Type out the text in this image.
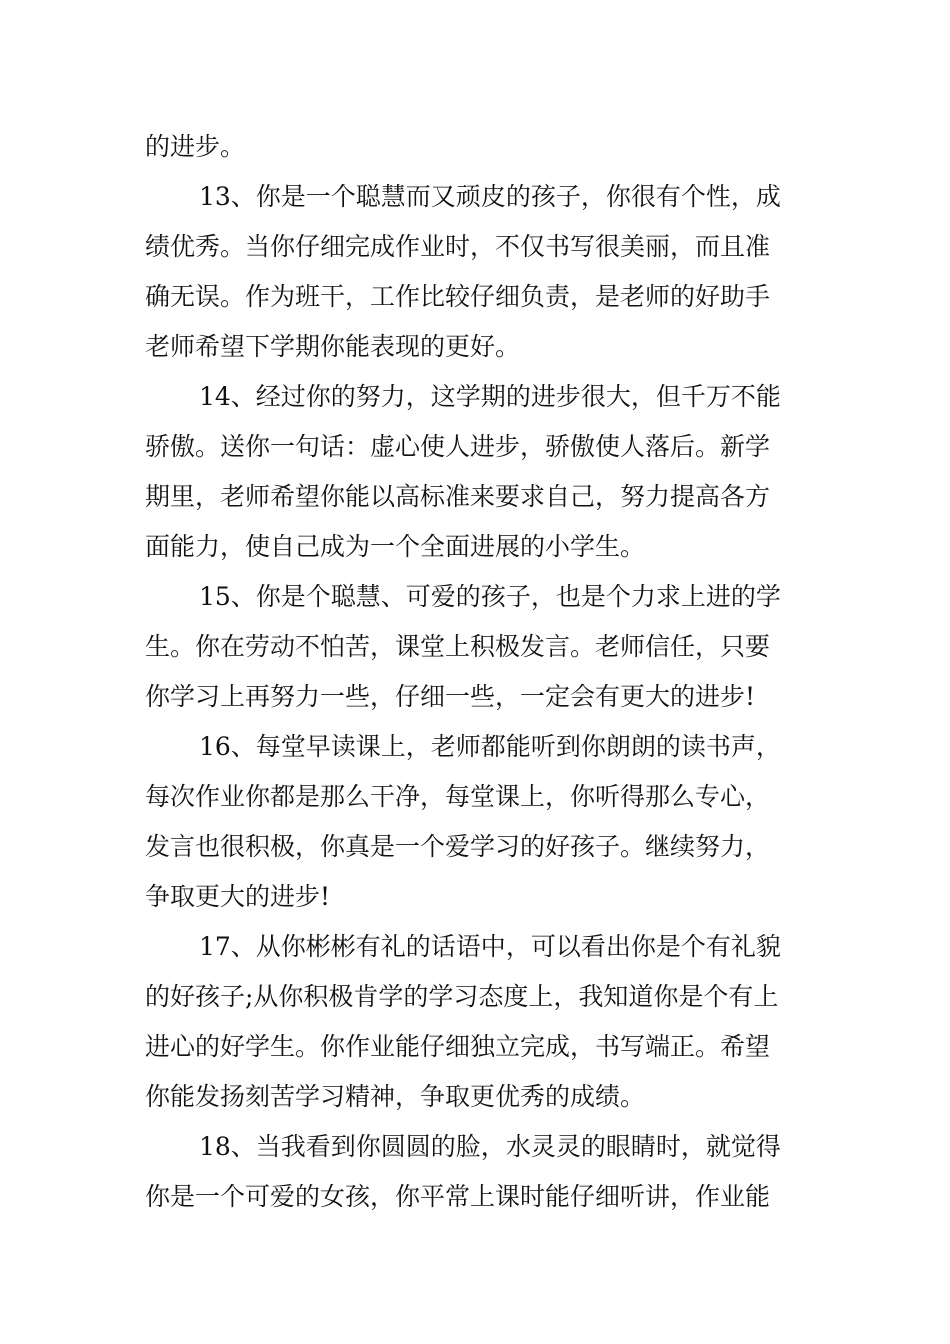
的进步。
13、你是一个聪慧而又顽皮的孩子，你很有个性，成
绩优秀。当你仔细完成作业时，不仅书写很美丽，而且准
确无误。作为班干，工作比较仔细负责，是老师的好助手
老师希望下学期你能表现的更好。
14、经过你的努力，这学期的进步很大，但千万不能
骄傲。送你一句话：虚心使人进步，骄傲使人落后。新学
期里，老师希望你能以高标准来要求自己，努力提高各方
面能力，使自己成为一个全面进展的小学生。
15、你是个聪慧、可爱的孩子，也是个力求上进的学
生。你在劳动不怕苦，课堂上积极发言。老师信任，只要
你学习上再努力一些，仔细一些，一定会有更大的进步!
16、每堂早读课上，老师都能听到你朗朗的读书声，
每次作业你都是那么干净，每堂课上，你听得那么专心，
发言也很积极，你真是一个爱学习的好孩子。继续努力，
争取更大的进步!
17、从你彬彬有礼的话语中，可以看出你是个有礼貌
的好孩子;从你积极肯学的学习态度上，我知道你是个有上
进心的好学生。你作业能仔细独立完成，书写端正。希望
你能发扬刻苦学习精神，争取更优秀的成绩。
18、当我看到你圆圆的脸，水灵灵的眼睛时，就觉得
你是一个可爱的女孩，你平常上课时能仔细听讲，作业能
